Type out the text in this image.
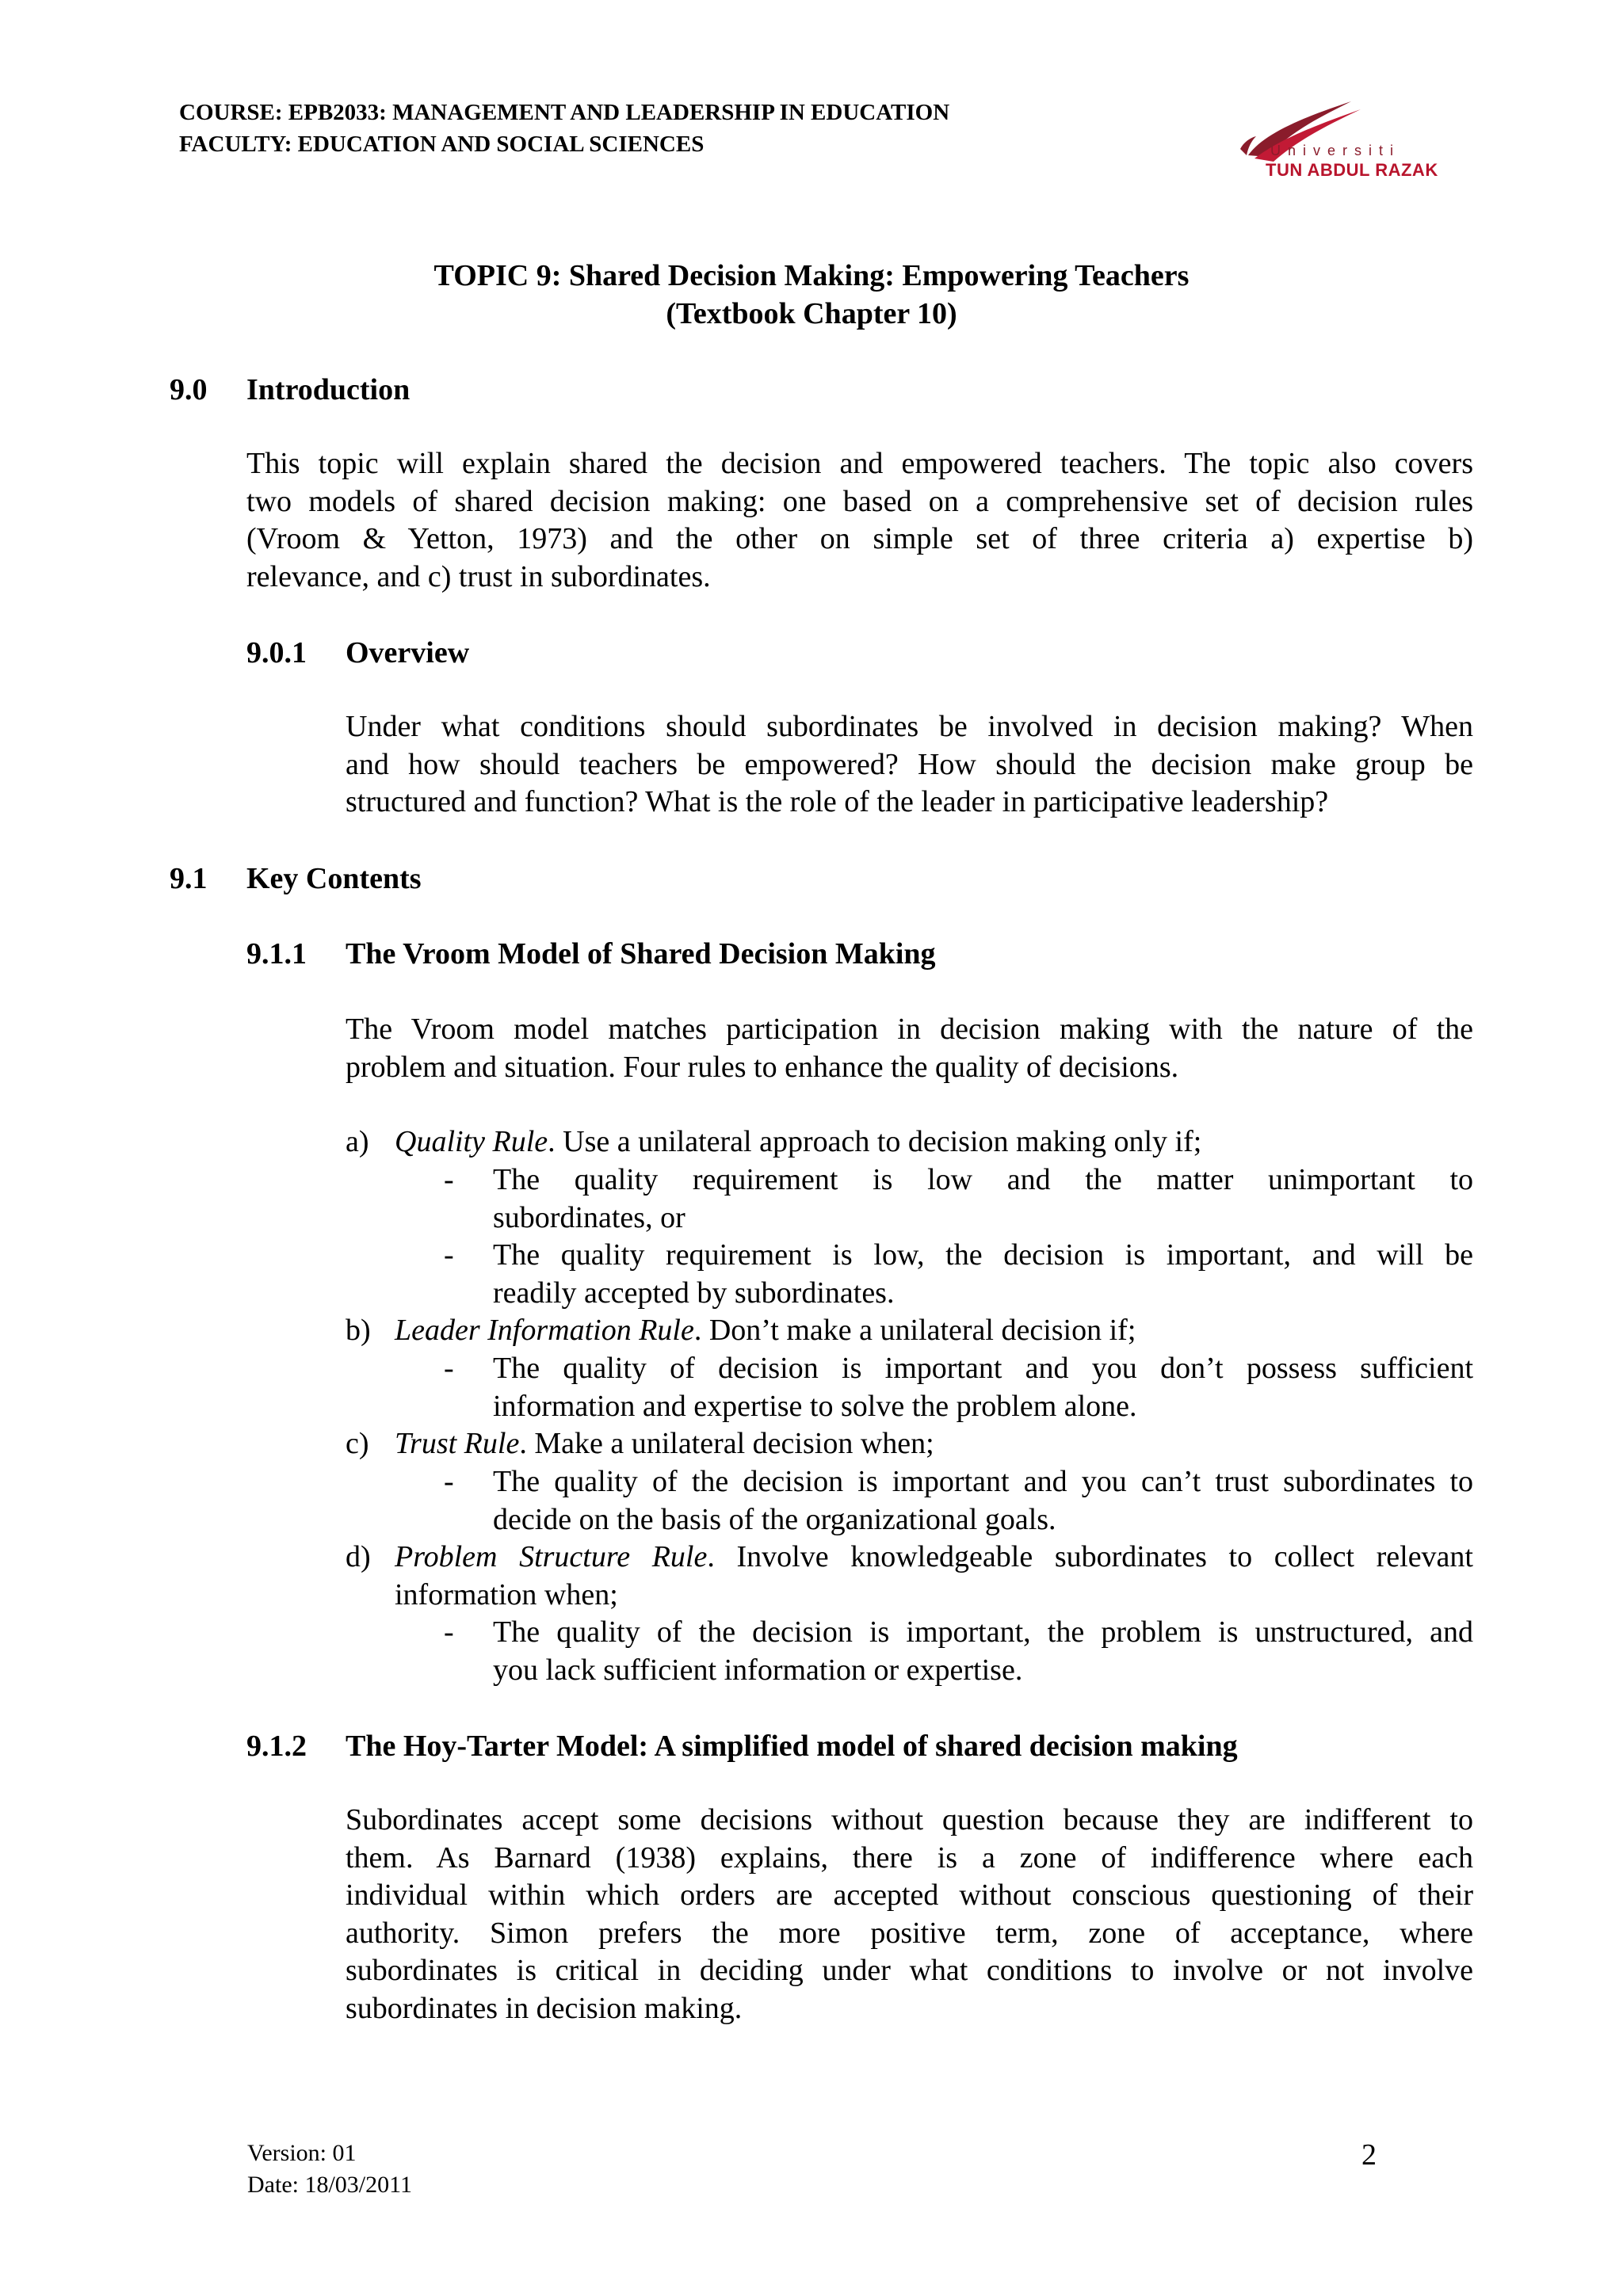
COURSE: EPB2033: MANAGEMENT AND LEADERSHIP IN EDUCATION
FACULTY: EDUCATION AND SOCIAL SCIENCES	Universiti
TUN ABDUL RAZAK
TOPIC 9: Shared Decision Making: Empowering Teachers
(Textbook Chapter 10)
9.0 Introduction
This topic will explain shared the decision and empowered teachers. The topic also covers
two models of shared decision making: one based on a comprehensive set of decision rules
(Vroom & Yetton, 1973) and the other on simple set of three criteria a) expertise b)
relevance, and c) trust in subordinates.
9.0.1 Overview
Under what conditions should subordinates be involved in decision making? When
and how should teachers be empowered? How should the decision make group be
structured and function? What is the role of the leader in participative leadership?
9.1 Key Contents
9.1.1 The Vroom Model of Shared Decision Making
The Vroom model matches participation in decision making with the nature of the
problem and situation. Four rules to enhance the quality of decisions.
a) Quality Rule. Use a unilateral approach to decision making only if;
- The quality requirement is low and the matter unimportant to
subordinates, or
- The quality requirement is low, the decision is important, and will be
readily accepted by subordinates.
b) Leader Information Rule. Don’t make a unilateral decision if;
- The quality of decision is important and you don’t possess sufficient
information and expertise to solve the problem alone.
c) Trust Rule. Make a unilateral decision when;
- The quality of the decision is important and you can’t trust subordinates to
decide on the basis of the organizational goals.
d) Problem Structure Rule. Involve knowledgeable subordinates to collect relevant
information when;
- The quality of the decision is important, the problem is unstructured, and
you lack sufficient information or expertise.
9.1.2 The Hoy-Tarter Model: A simplified model of shared decision making
Subordinates accept some decisions without question because they are indifferent to
them. As Barnard (1938) explains, there is a zone of indifference where each
individual within which orders are accepted without conscious questioning of their
authority. Simon prefers the more positive term, zone of acceptance, where
subordinates is critical in deciding under what conditions to involve or not involve
subordinates in decision making.
Version: 01
Date: 18/03/2011
2
